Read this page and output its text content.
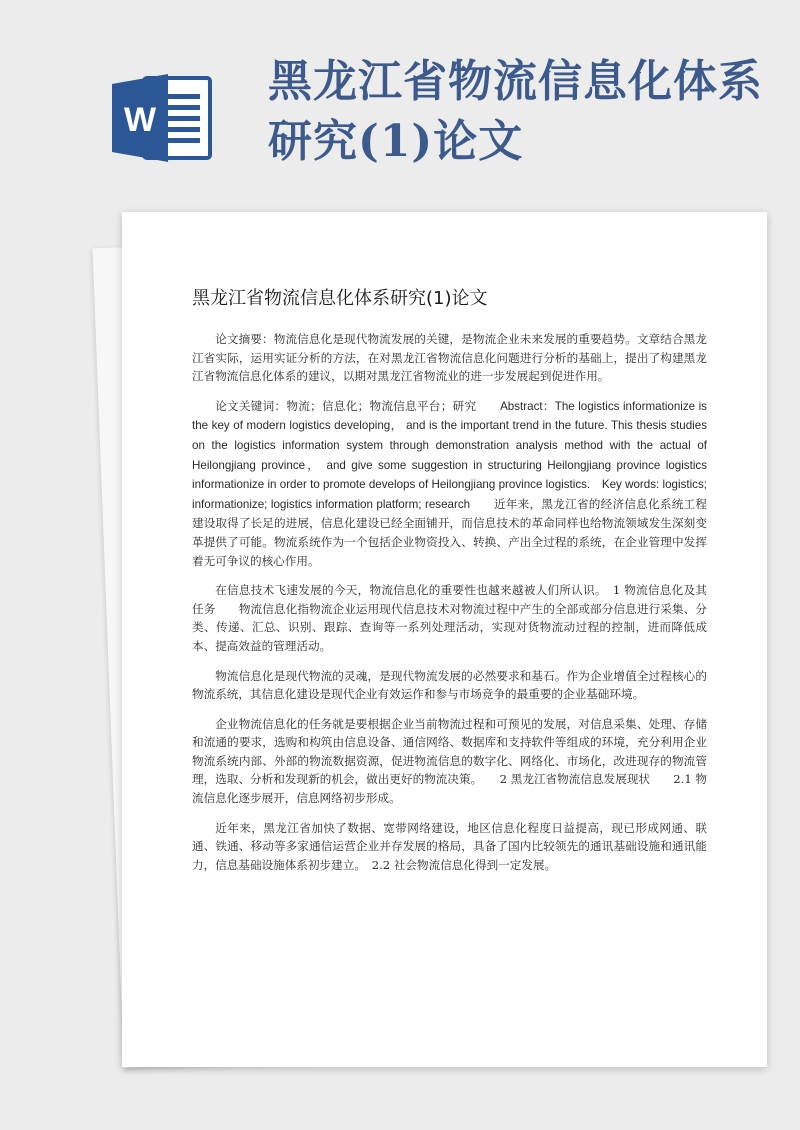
W
黑龙江省物流信息化体系研究(1)论文
黑龙江省物流信息化体系研究(1)论文

论文摘要：物流信息化是现代物流发展的关键，是物流企业未来发展的重要趋势。文章结合黑龙江省实际，运用实证分析的方法，在对黑龙江省物流信息化问题进行分析的基础上，提出了构建黑龙江省物流信息化体系的建议，以期对黑龙江省物流业的进一步发展起到促进作用。

论文关键词：物流；信息化；物流信息平台；研究　　Abstract：The logistics informationize is the key of modern logistics developing， and is the important trend in the future. This thesis studies on the logistics information system through demonstration analysis method with the actual of Heilongjiang province， and give some suggestion in structuring Heilongjiang province logistics informationize in order to promote develops of Heilongjiang province logistics.　Key words: logistics; informationize; logistics information platform; research　　近年来，黑龙江省的经济信息化系统工程建设取得了长足的进展，信息化建设已经全面铺开，而信息技术的革命同样也给物流领域发生深刻变革提供了可能。物流系统作为一个包括企业物资投入、转换、产出全过程的系统，在企业管理中发挥着无可争议的核心作用。

在信息技术飞速发展的今天，物流信息化的重要性也越来越被人们所认识。　1 物流信息化及其任务　　物流信息化指物流企业运用现代信息技术对物流过程中产生的全部或部分信息进行采集、分类、传递、汇总、识别、跟踪、查询等一系列处理活动，实现对货物流动过程的控制，进而降低成本、提高效益的管理活动。

物流信息化是现代物流的灵魂，是现代物流发展的必然要求和基石。作为企业增值全过程核心的物流系统，其信息化建设是现代企业有效运作和参与市场竞争的最重要的企业基础环境。

企业物流信息化的任务就是要根据企业当前物流过程和可预见的发展，对信息采集、处理、存储和流通的要求，选购和构筑由信息设备、通信网络、数据库和支持软件等组成的环境，充分利用企业物流系统内部、外部的物流数据资源，促进物流信息的数字化、网络化、市场化，改进现存的物流管理，选取、分析和发现新的机会，做出更好的物流决策。　　2 黑龙江省物流信息发展现状　　2.1 物流信息化逐步展开，信息网络初步形成。

近年来，黑龙江省加快了数据、宽带网络建设，地区信息化程度日益提高，现已形成网通、联通、铁通、移动等多家通信运营企业并存发展的格局，具备了国内比较领先的通讯基础设施和通讯能力，信息基础设施体系初步建立。　2.2 社会物流信息化得到一定发展。
